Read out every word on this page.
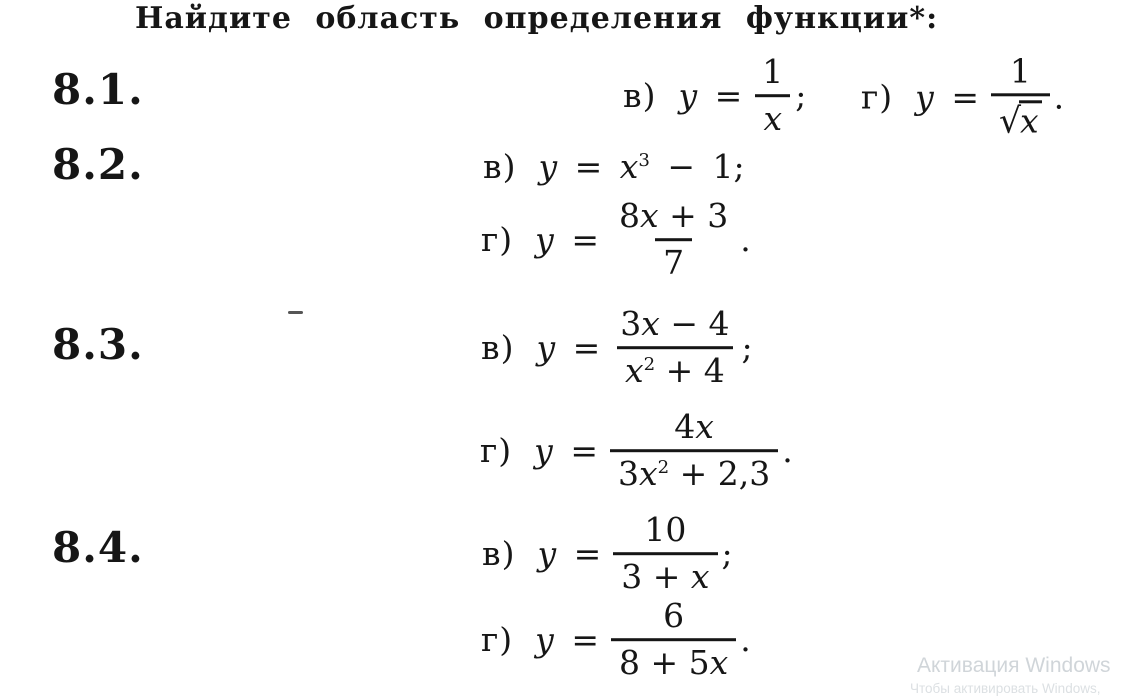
Найдите область определения функции*:
8.1.
8.2.
8.3.
8.4.
в) $y = \frac{1}{x}$ ; г) $y = \frac{1}{√x}$ .
в) $y = x^3 - 1$;
г) $y = \frac{8x + 3}{7}$ .
в) $y = \frac{3x - 4}{x^2 + 4}$ ;
г) $y = \frac{4x}{3x^2 + 2,3}$ .
в) $y = \frac{10}{3 + x}$ ;
г) $y = \frac{6}{8 + 5x}$ .
Активация Windows
Чтобы активировать Windows,
